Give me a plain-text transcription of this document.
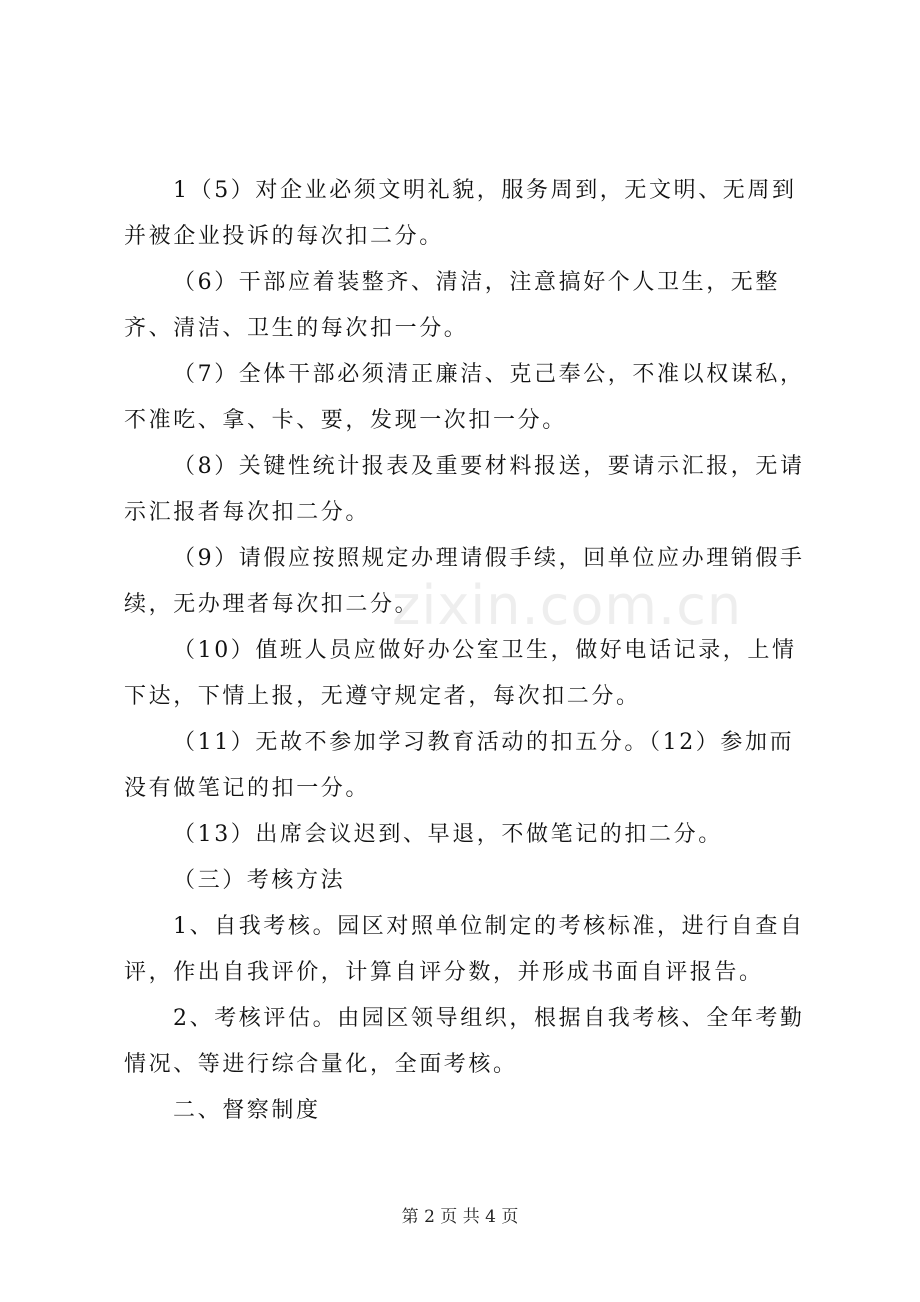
1（5）对企业必须文明礼貌，服务周到，无文明、无周到并被企业投诉的每次扣二分。

（6）干部应着装整齐、清洁，注意搞好个人卫生，无整齐、清洁、卫生的每次扣一分。

（7）全体干部必须清正廉洁、克己奉公，不准以权谋私，不准吃、拿、卡、要，发现一次扣一分。

（8）关键性统计报表及重要材料报送，要请示汇报，无请示汇报者每次扣二分。

（9）请假应按照规定办理请假手续，回单位应办理销假手续，无办理者每次扣二分。

（10）值班人员应做好办公室卫生，做好电话记录，上情下达，下情上报，无遵守规定者，每次扣二分。

（11）无故不参加学习教育活动的扣五分。（12）参加而没有做笔记的扣一分。

（13）出席会议迟到、早退，不做笔记的扣二分。

（三）考核方法

1、自我考核。园区对照单位制定的考核标准，进行自查自评，作出自我评价，计算自评分数，并形成书面自评报告。

2、考核评估。由园区领导组织，根据自我考核、全年考勤情况、等进行综合量化，全面考核。

二、督察制度

zixin.com.cn
第 2 页 共 4 页
